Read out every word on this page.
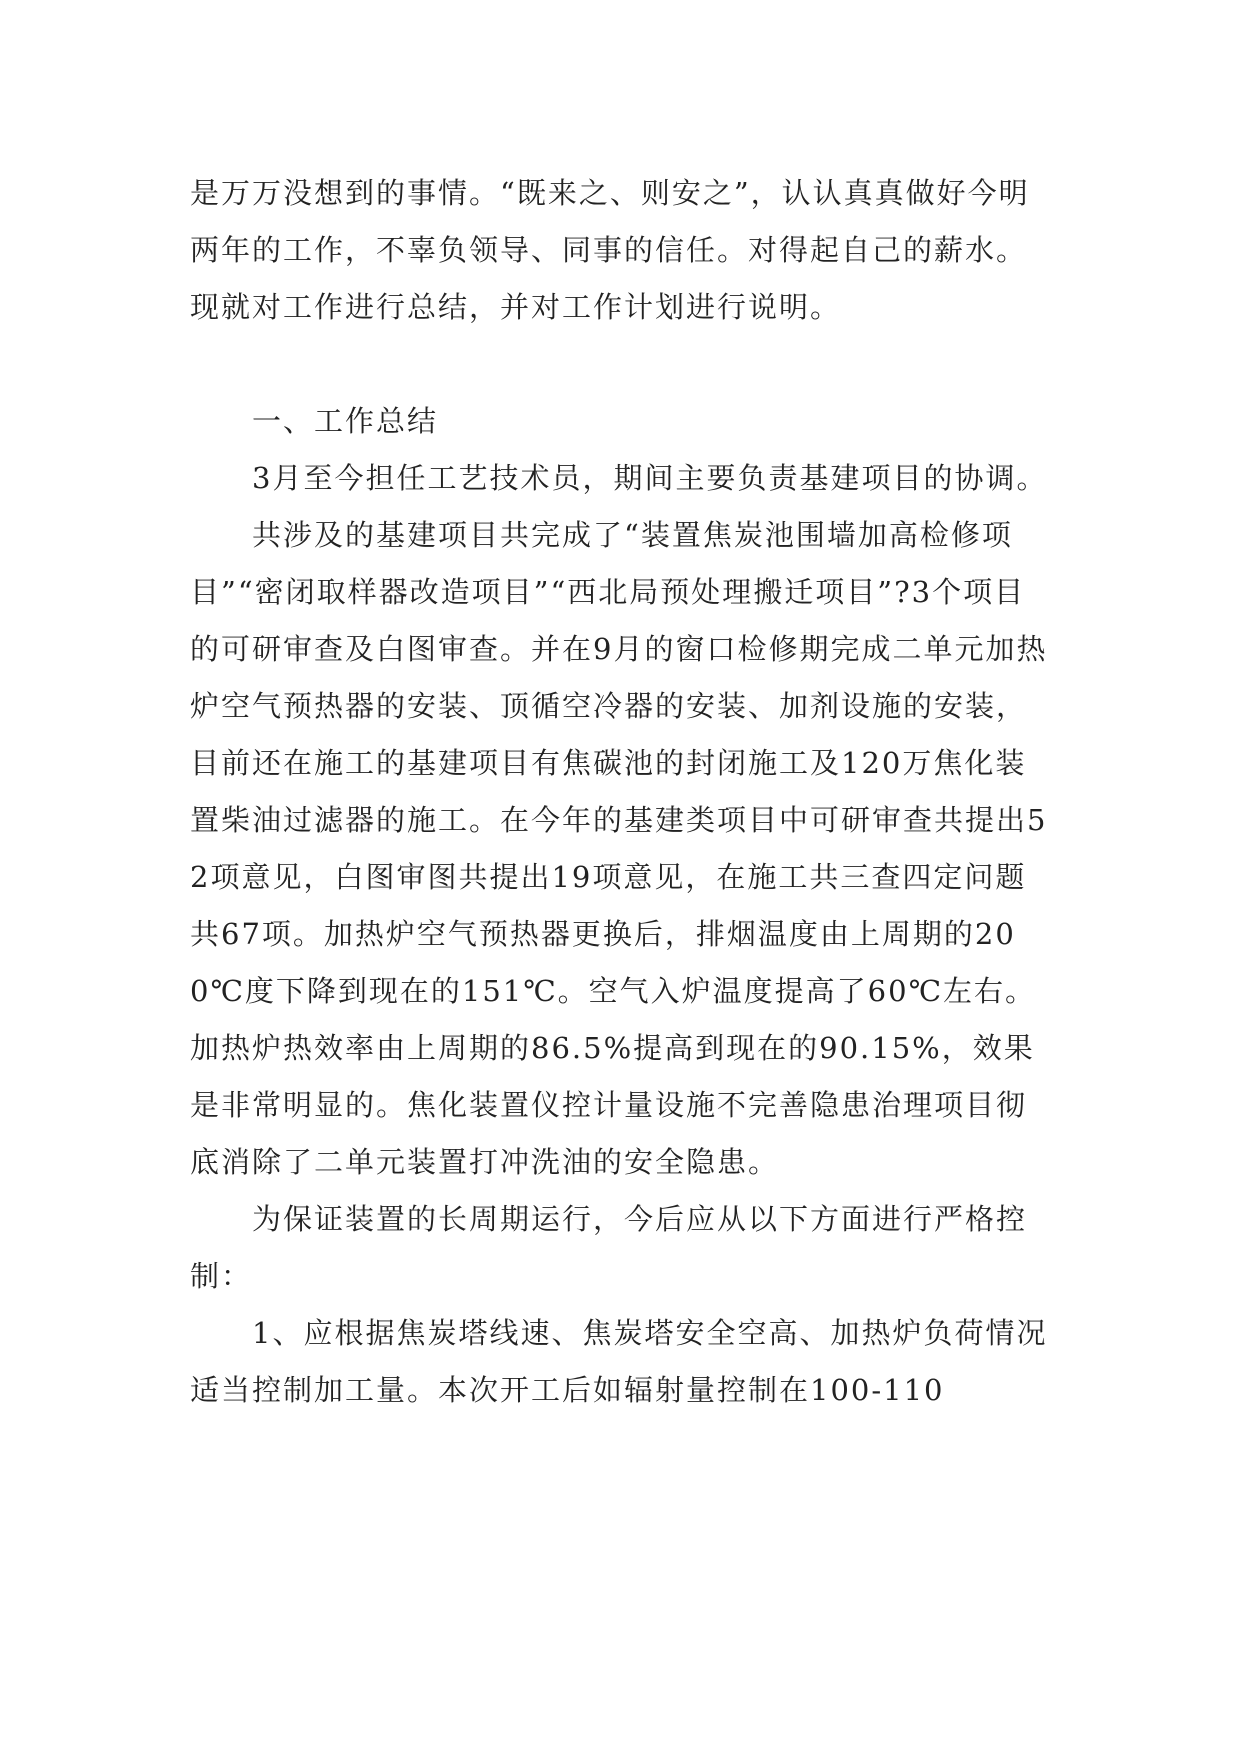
是万万没想到的事情。“既来之、则安之”，认认真真做好今明两年的工作，不辜负领导、同事的信任。对得起自己的薪水。现就对工作进行总结，并对工作计划进行说明。

一、工作总结

3月至今担任工艺技术员，期间主要负责基建项目的协调。

共涉及的基建项目共完成了“装置焦炭池围墙加高检修项目”“密闭取样器改造项目”“西北局预处理搬迁项目”?3个项目的可研审查及白图审查。并在9月的窗口检修期完成二单元加热炉空气预热器的安装、顶循空冷器的安装、加剂设施的安装，目前还在施工的基建项目有焦碳池的封闭施工及120万焦化装置柴油过滤器的施工。在今年的基建类项目中可研审查共提出52项意见，白图审图共提出19项意见，在施工共三查四定问题共67项。加热炉空气预热器更换后，排烟温度由上周期的200℃度下降到现在的151℃。空气入炉温度提高了60℃左右。加热炉热效率由上周期的86.5%提高到现在的90.15%，效果是非常明显的。焦化装置仪控计量设施不完善隐患治理项目彻底消除了二单元装置打冲洗油的安全隐患。

为保证装置的长周期运行，今后应从以下方面进行严格控制：

1、应根据焦炭塔线速、焦炭塔安全空高、加热炉负荷情况适当控制加工量。本次开工后如辐射量控制在100-110
